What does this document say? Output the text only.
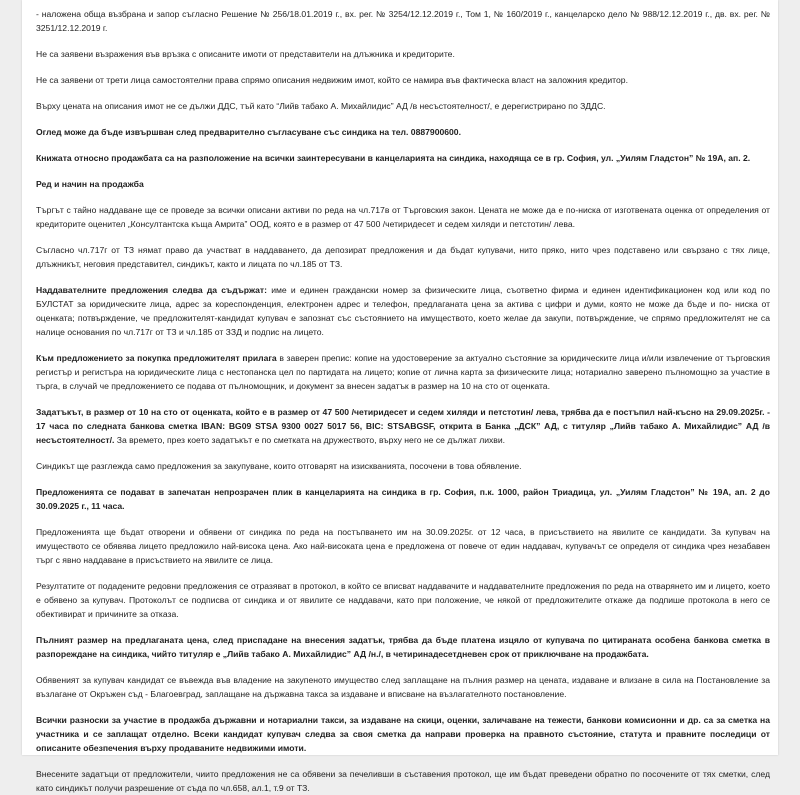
- наложена обща възбрана и запор съгласно Решение № 256/18.01.2019 г., вх. рег. № 3254/12.12.2019 г., Том 1, № 160/2019 г., канцеларско дело № 988/12.12.2019 г., дв. вх. рег. № 3251/12.12.2019 г.

Не са заявени възражения във връзка с описаните имоти от представители на длъжника и кредиторите.

Не са заявени от трети лица самостоятелни права спрямо описания недвижим имот, който се намира във фактическа власт на заложния кредитор.

Върху цената на описания имот не се дължи ДДС, тъй като “Лийв табако А. Михайлидис” АД /в несъстоятелност/, е дерегистрирано по ЗДДС.

Оглед може да бъде извършван след предварително съгласуване със синдика на тел. 0887900600.

Книжата относно продажбата са на разположение на всички заинтересувани в канцеларията на синдика, находяща се в гр. София, ул. „Уилям Гладстон” № 19А, ап. 2.

Ред и начин на продажба

Търгът с тайно наддаване ще се проведе за всички описани активи по реда на чл.717в от Търговския закон. Цената не може да е по-ниска от изготвената оценка от определения от кредиторите оценител „Консултантска къща Амрита” ООД, която е в размер от 47 500 /четиридесет и седем хиляди и петстотин/ лева.

Съгласно чл.717г от ТЗ нямат право да участват в наддаването, да депозират предложения и да бъдат купувачи, нито пряко, нито чрез подставено или свързано с тях лице, длъжникът, неговия представител, синдикът, както и лицата по чл.185 от ТЗ.

Наддавателните предложения следва да съдържат: име и единен граждански номер за физическите лица, съответно фирма и единен идентификационен код или код по БУЛСТАТ за юридическите лица, адрес за кореспонденция, електронен адрес и телефон, предлаганата цена за актива с цифри и думи, която не може да бъде и по- ниска от оценката; потвърждение, че предложителят-кандидат купувач е запознат със състоянието на имуществото, което желае да закупи, потвърждение, че спрямо предложителят не са налице основания по чл.717г от ТЗ и чл.185 от ЗЗД и подпис на лицето.

Към предложението за покупка предложителят прилага в заверен препис: копие на удостоверение за актуално състояние за юридическите лица и/или извлечение от търговския регистър и регистъра на юридическите лица с нестопанска цел по партидата на лицето; копие от лична карта за физическите лица; нотариално заверено пълномощно за участие в търга, в случай че предложението се подава от пълномощник, и документ за внесен задатък в размер на 10 на сто от оценката.

Задатъкът, в размер от 10 на сто от оценката, който е в размер от 47 500 /четиридесет и седем хиляди и петстотин/ лева, трябва да е постъпил най-късно на 29.09.2025г. - 17 часа по следната банкова сметка IBAN: BG09 STSA 9300 0027 5017 56, BIC: STSABGSF, открита в Банка „ДСК” АД, с титуляр „Лийв табако А. Михайлидис” АД /в несъстоятелност/. За времето, през което задатъкът е по сметката на дружеството, върху него не се дължат лихви.

Синдикът ще разглежда само предложения за закупуване, които отговарят на изискванията, посочени в това обявление.

Предложенията се подават в запечатан непрозрачен плик в канцеларията на синдика в гр. София, п.к. 1000, район Триадица, ул. „Уилям Гладстон” № 19А, ап. 2 до 30.09.2025 г., 11 часа.

Предложенията ще бъдат отворени и обявени от синдика по реда на постъпването им на 30.09.2025г. от 12 часа, в присъствието на явилите се кандидати. За купувач на имуществото се обявява лицето предложило най-висока цена. Ако най-високата цена е предложена от повече от един наддавач, купувачът се определя от синдика чрез незабавен търг с явно наддаване в присъствието на явилите се лица.

Резултатите от подадените редовни предложения се отразяват в протокол, в който се вписват наддавачите и наддавателните предложения по реда на отварянето им и лицето, което е обявено за купувач. Протоколът се подписва от синдика и от явилите се наддавачи, като при положение, че някой от предложителите откаже да подпише протокола в него се обективират и причините за отказа.

Пълният размер на предлаганата цена, след приспадане на внесения задатък, трябва да бъде платена изцяло от купувача по цитираната особена банкова сметка в разпореждане на синдика, чийто титуляр е „Лийв табако А. Михайлидис” АД /н./, в четиринадесетдневен срок от приключване на продажбата.

Обявеният за купувач кандидат се въвежда във владение на закупеното имущество след заплащане на пълния размер на цената, издаване и влизане в сила на Постановление за възлагане от Окръжен съд - Благоевград, заплащане на държавна такса за издаване и вписване на възлагателното постановление.

Всички разноски за участие в продажба държавни и нотариални такси, за издаване на скици, оценки, заличаване на тежести, банкови комисионни и др. са за сметка на участника и се заплащат отделно. Всеки кандидат купувач следва за своя сметка да направи проверка на правното състояние, статута и правните последици от описаните обезпечения върху продаваните недвижими имоти.

Внесените задатъци от предложители, чиито предложения не са обявени за печеливши в съставения протокол, ще им бъдат преведени обратно по посочените от тях сметки, след като синдикът получи разрешение от съда по чл.658, ал.1, т.9 от ТЗ.
